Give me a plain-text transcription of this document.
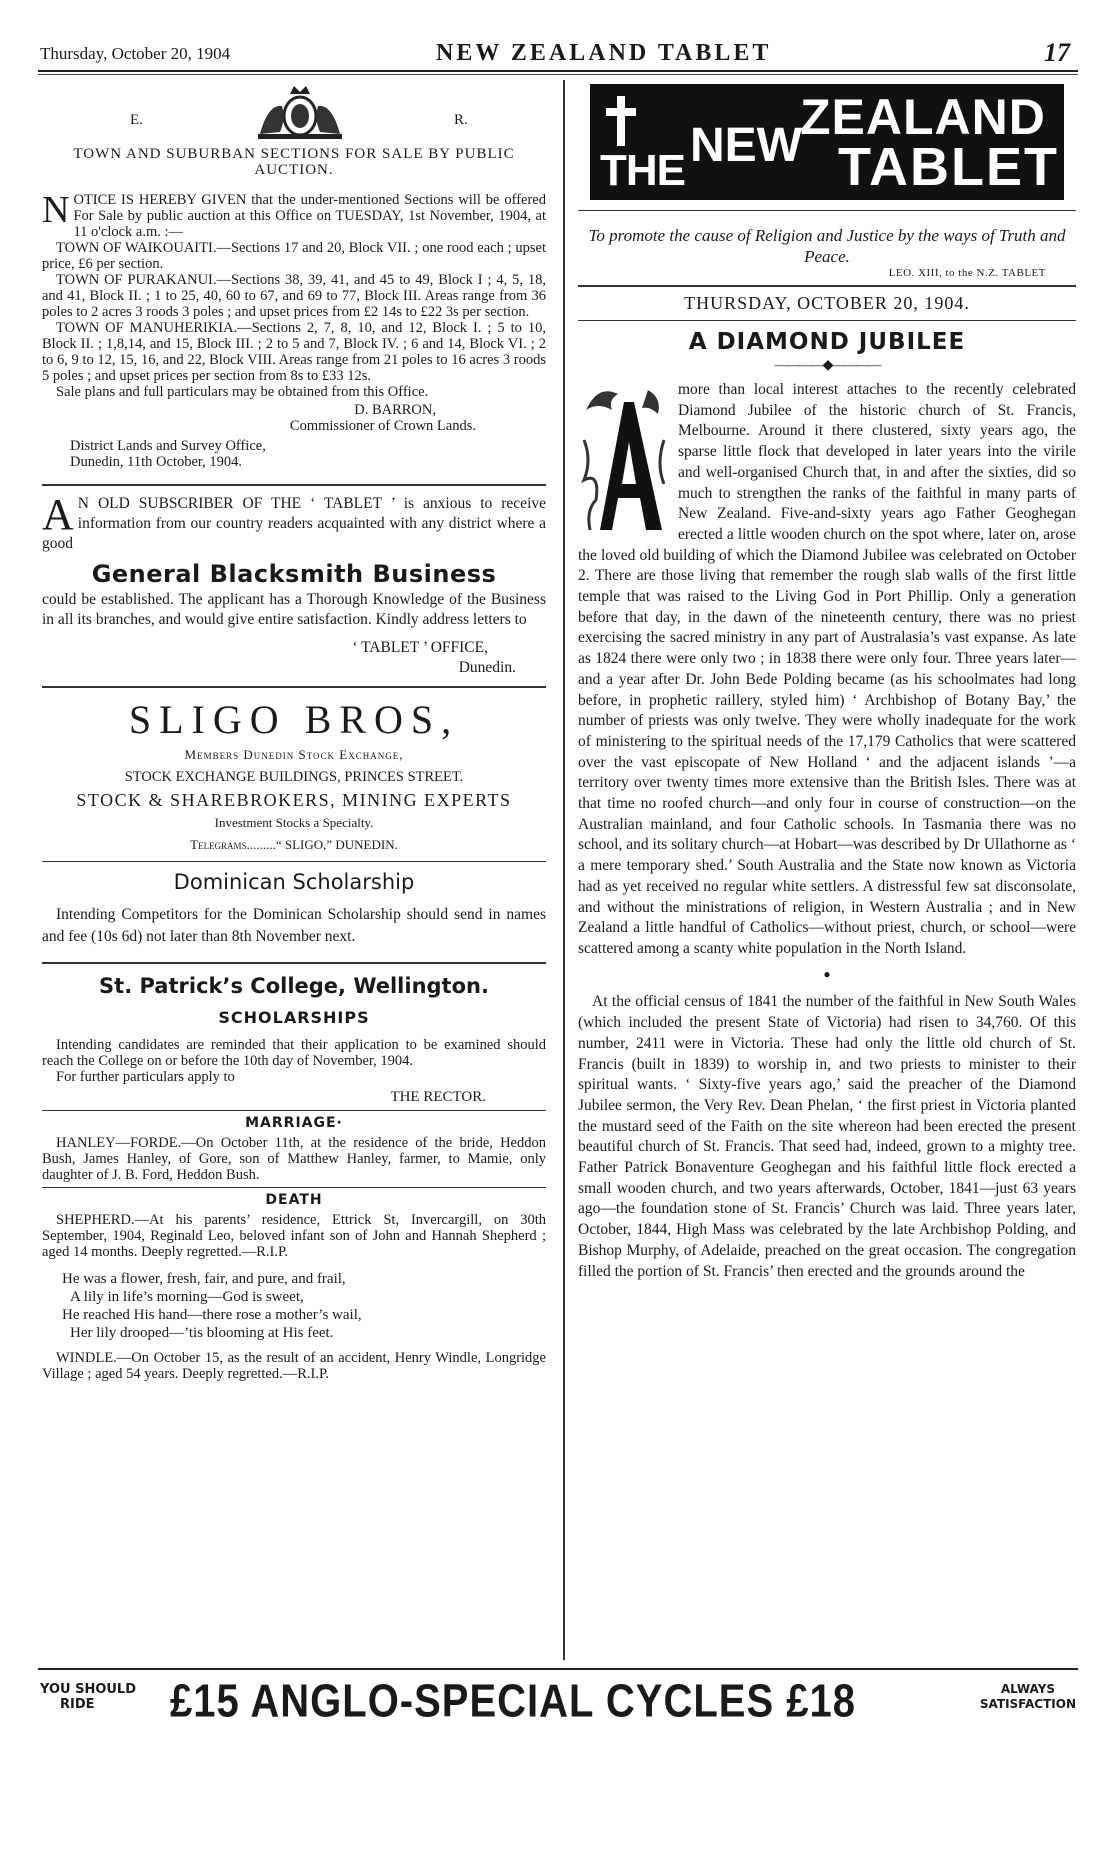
Thursday, October 20, 1904	NEW ZEALAND TABLET	17
E.	R.

TOWN AND SUBURBAN SECTIONS FOR SALE BY PUBLIC AUCTION.

N OTICE IS HEREBY GIVEN that the under-mentioned Sections will be offered For Sale by public auction at this Office on TUESDAY, 1st November, 1904, at 11 o'clock a.m. :—

TOWN OF WAIKOUAITI.—Sections 17 and 20, Block VII. ; one rood each ; upset price, £6 per section.

TOWN OF PURAKANUI.—Sections 38, 39, 41, and 45 to 49, Block I ; 4, 5, 18, and 41, Block II. ; 1 to 25, 40, 60 to 67, and 69 to 77, Block III. Areas range from 36 poles to 2 acres 3 roods 3 poles ; and upset prices from £2 14s to £22 3s per section.

TOWN OF MANUHERIKIA.—Sections 2, 7, 8, 10, and 12, Block I. ; 5 to 10, Block II. ; 1,8,14, and 15, Block III. ; 2 to 5 and 7, Block IV. ; 6 and 14, Block VI. ; 2 to 6, 9 to 12, 15, 16, and 22, Block VIII. Areas range from 21 poles to 16 acres 3 roods 5 poles ; and upset prices per section from 8s to £33 12s.

Sale plans and full particulars may be obtained from this Office.

D. BARRON,

Commissioner of Crown Lands.

District Lands and Survey Office,

Dunedin, 11th October, 1904.

A N OLD SUBSCRIBER OF THE ‘ TABLET ’ is anxious to receive information from our country readers acquainted with any district where a good

General Blacksmith Business

could be established. The applicant has a Thorough Knowledge of the Business in all its branches, and would give entire satisfaction. Kindly address letters to

‘ TABLET ’ OFFICE,

Dunedin.

SLIGO BROS,

Members Dunedin Stock Exchange,

STOCK EXCHANGE BUILDINGS, PRINCES STREET.

STOCK & SHAREBROKERS, MINING EXPERTS

Investment Stocks a Specialty.

Telegrams.........“ SLIGO,” DUNEDIN.

Dominican Scholarship

Intending Competitors for the Dominican Scholarship should send in names and fee (10s 6d) not later than 8th November next.

St. Patrick’s College, Wellington.

SCHOLARSHIPS

Intending candidates are reminded that their application to be examined should reach the College on or before the 10th day of November, 1904.

For further particulars apply to

THE RECTOR.

MARRIAGE·

HANLEY—FORDE.—On October 11th, at the residence of the bride, Heddon Bush, James Hanley, of Gore, son of Matthew Hanley, farmer, to Mamie, only daughter of J. B. Ford, Heddon Bush.

DEATH

SHEPHERD.—At his parents’ residence, Ettrick St, Invercargill, on 30th September, 1904, Reginald Leo, beloved infant son of John and Hannah Shepherd ; aged 14 months. Deeply regretted.—R.I.P.

He was a flower, fresh, fair, and pure, and frail,

A lily in life’s morning—God is sweet,

He reached His hand—there rose a mother’s wail,

Her lily drooped—’tis blooming at His feet.

WINDLE.—On October 15, as the result of an accident, Henry Windle, Longridge Village ; aged 54 years. Deeply regretted.—R.I.P.

THE NEW
ZEALAND
TABLET

To promote the cause of Religion and Justice by the ways of Truth and Peace.

LEO. XIII, to the N.Z. TABLET

THURSDAY, OCTOBER 20, 1904.

A DIAMOND JUBILEE

————◆————

more than local interest attaches to the recently celebrated Diamond Jubilee of the historic church of St. Francis, Melbourne. Around it there clustered, sixty years ago, the sparse little flock that developed in later years into the virile and well-organised Church that, in and after the sixties, did so much to strengthen the ranks of the faithful in many parts of New Zealand. Five-and-sixty years ago Father Geoghegan erected a little wooden church on the spot where, later on, arose the loved old building of which the Diamond Jubilee was celebrated on October 2. There are those living that remember the rough slab walls of the first little temple that was raised to the Living God in Port Phillip. Only a generation before that day, in the dawn of the nineteenth century, there was no priest exercising the sacred ministry in any part of Australasia’s vast expanse. As late as 1824 there were only two ; in 1838 there were only four. Three years later—and a year after Dr. John Bede Polding became (as his schoolmates had long before, in prophetic raillery, styled him) ‘ Archbishop of Botany Bay,’ the number of priests was only twelve. They were wholly inadequate for the work of ministering to the spiritual needs of the 17,179 Catholics that were scattered over the vast episcopate of New Holland ‘ and the adjacent islands ’—a territory over twenty times more extensive than the British Isles. There was at that time no roofed church—and only four in course of construction—on the Australian mainland, and four Catholic schools. In Tasmania there was no school, and its solitary church—at Hobart—was described by Dr Ullathorne as ‘ a mere temporary shed.’ South Australia and the State now known as Victoria had as yet received no regular white settlers. A distressful few sat disconsolate, and without the ministrations of religion, in Western Australia ; and in New Zealand a little handful of Catholics—without priest, church, or school—were scattered among a scanty white population in the North Island.

●

At the official census of 1841 the number of the faithful in New South Wales (which included the present State of Victoria) had risen to 34,760. Of this number, 2411 were in Victoria. These had only the little old church of St. Francis (built in 1839) to worship in, and two priests to minister to their spiritual wants. ‘ Sixty-five years ago,’ said the preacher of the Diamond Jubilee sermon, the Very Rev. Dean Phelan, ‘ the first priest in Victoria planted the mustard seed of the Faith on the site whereon had been erected the present beautiful church of St. Francis. That seed had, indeed, grown to a mighty tree. Father Patrick Bonaventure Geoghegan and his faithful little flock erected a small wooden church, and two years afterwards, October, 1841—just 63 years ago—the foundation stone of St. Francis’ Church was laid. Three years later, October, 1844, High Mass was celebrated by the late Archbishop Polding, and Bishop Murphy, of Adelaide, preached on the great occasion. The congregation filled the portion of St. Francis’ then erected and the grounds around the

YOU SHOULD
RIDE	£15 ANGLO-SPECIAL CYCLES £18	ALWAYS
SATISFACTION
